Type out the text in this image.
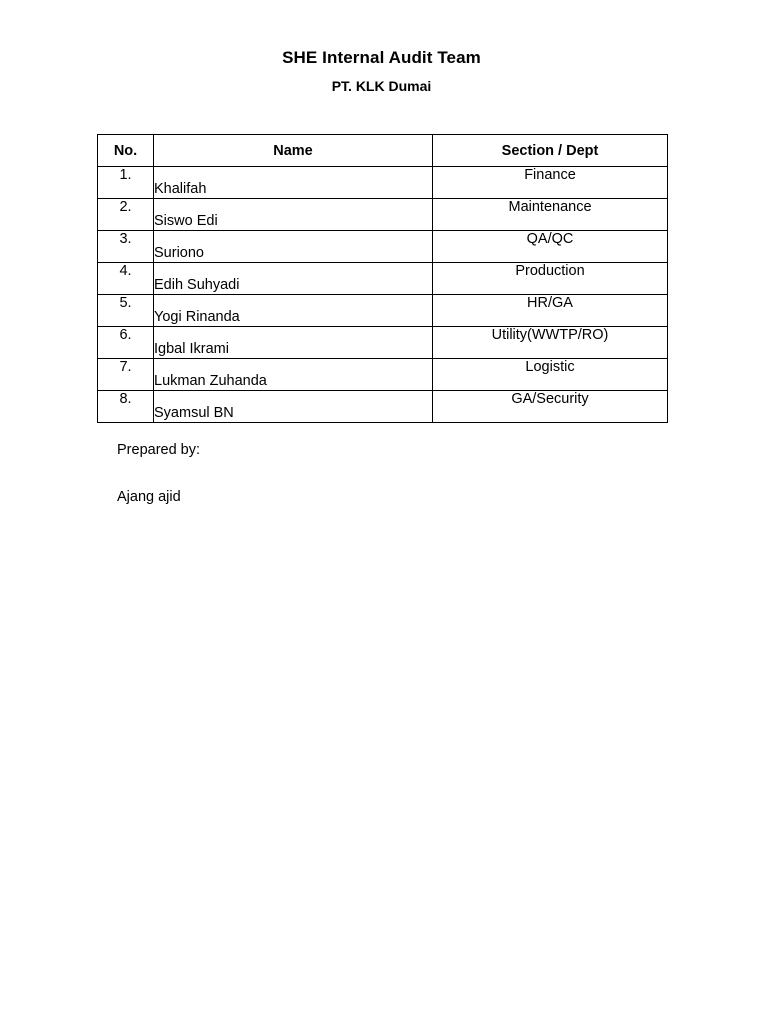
SHE Internal Audit Team
PT. KLK Dumai
No.	Name	Section / Dept
1.	Khalifah	Finance
2.	Siswo Edi	Maintenance
3.	Suriono	QA/QC
4.	Edih Suhyadi	Production
5.	Yogi Rinanda	HR/GA
6.	Igbal Ikrami	Utility(WWTP/RO)
7.	Lukman Zuhanda	Logistic
8.	Syamsul BN	GA/Security
Prepared by:
Ajang ajid
